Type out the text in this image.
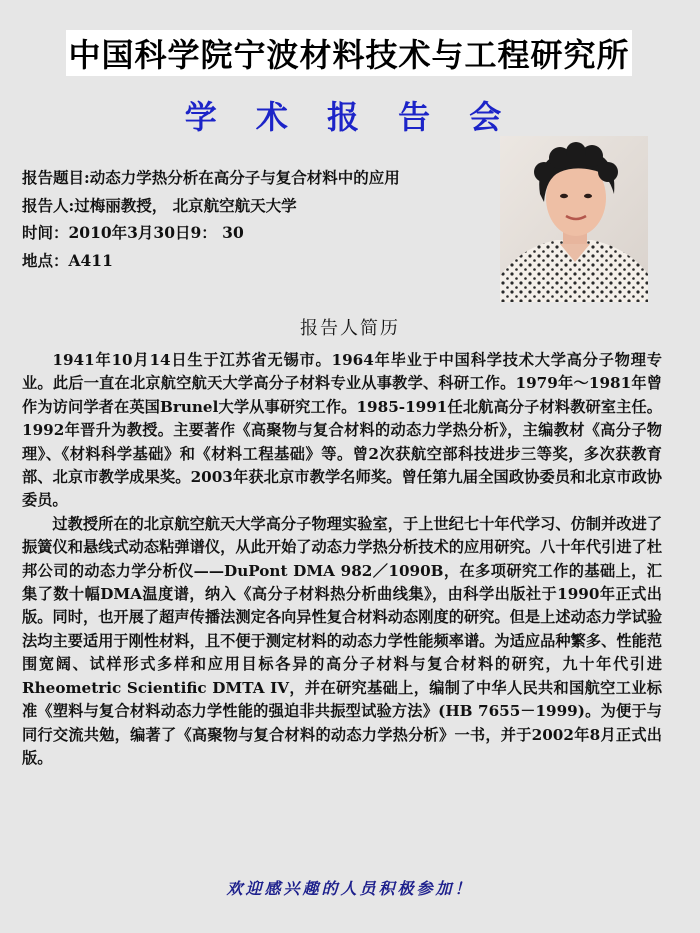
中国科学院宁波材料技术与工程研究所
学 术 报 告 会
报告题目:动态力学热分析在高分子与复合材料中的应用
报告人:过梅丽教授， 北京航空航天大学
时间：2010年3月30日9： 30
地点：A411
报告人简历

1941年10月14日生于江苏省无锡市。1964年毕业于中国科学技术大学高分子物理专业。此后一直在北京航空航天大学高分子材料专业从事教学、科研工作。1979年～1981年曾作为访问学者在英国Brunel大学从事研究工作。1985-1991任北航高分子材料教研室主任。1992年晋升为教授。主要著作《高聚物与复合材料的动态力学热分析》，主编教材《高分子物理》、《材料科学基础》和《材料工程基础》等。曾2次获航空部科技进步三等奖，多次获教育部、北京市教学成果奖。2003年获北京市教学名师奖。曾任第九届全国政协委员和北京市政协委员。

过教授所在的北京航空航天大学高分子物理实验室，于上世纪七十年代学习、仿制并改进了振簧仪和悬线式动态粘弹谱仪，从此开始了动态力学热分析技术的应用研究。八十年代引进了杜邦公司的动态力学分析仪——DuPont DMA 982／1090B，在多项研究工作的基础上，汇集了数十幅DMA温度谱，纳入《高分子材料热分析曲线集》，由科学出版社于1990年正式出版。同时，也开展了超声传播法测定各向异性复合材料动态刚度的研究。但是上述动态力学试验法均主要适用于刚性材料，且不便于测定材料的动态力学性能频率谱。为适应品种繁多、性能范围宽阔、试样形式多样和应用目标各异的高分子材料与复合材料的研究，九十年代引进Rheometric Scientific DMTA IV，并在研究基础上，编制了中华人民共和国航空工业标准《塑料与复合材料动态力学性能的强迫非共振型试验方法》(HB 7655－1999)。为便于与同行交流共勉，编著了《高聚物与复合材料的动态力学热分析》一书，并于2002年8月正式出版。

欢迎感兴趣的人员积极参加！
